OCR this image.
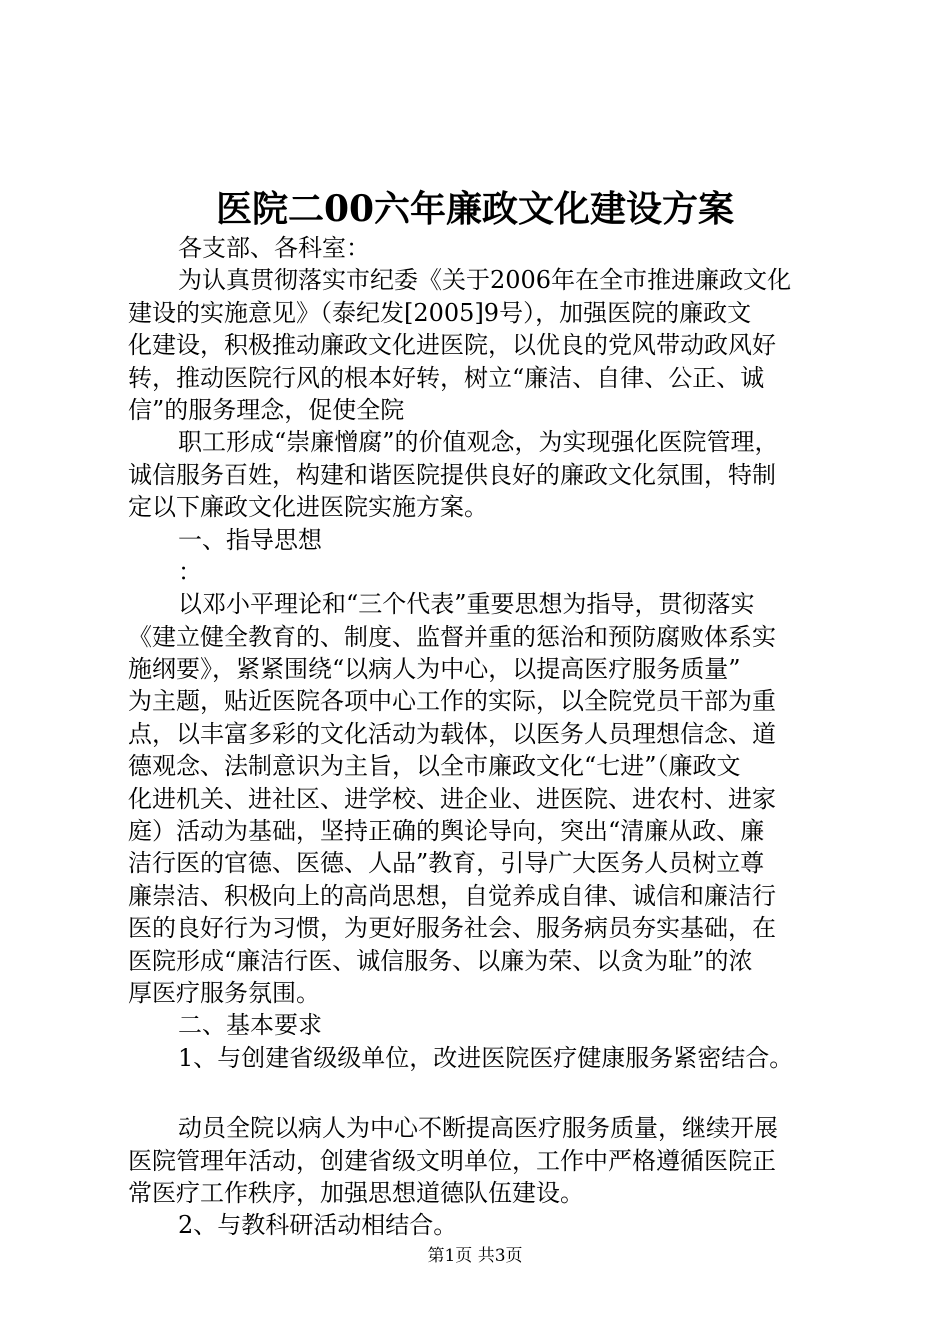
医院二00六年廉政文化建设方案
各支部、各科室：
为认真贯彻落实市纪委《关于2006年在全市推进廉政文化
建设的实施意见》（泰纪发[2005]9号），加强医院的廉政文
化建设，积极推动廉政文化进医院，以优良的党风带动政风好
转，推动医院行风的根本好转，树立“廉洁、自律、公正、诚
信”的服务理念，促使全院
职工形成“崇廉憎腐”的价值观念，为实现强化医院管理，
诚信服务百姓，构建和谐医院提供良好的廉政文化氛围，特制
定以下廉政文化进医院实施方案。
一、指导思想
：
以邓小平理论和“三个代表”重要思想为指导，贯彻落实
《建立健全教育的、制度、监督并重的惩治和预防腐败体系实
施纲要》，紧紧围绕“以病人为中心，以提高医疗服务质量”
为主题，贴近医院各项中心工作的实际，以全院党员干部为重
点，以丰富多彩的文化活动为载体，以医务人员理想信念、道
德观念、法制意识为主旨，以全市廉政文化“七进”（廉政文
化进机关、进社区、进学校、进企业、进医院、进农村、进家
庭）活动为基础，坚持正确的舆论导向，突出“清廉从政、廉
洁行医的官德、医德、人品”教育，引导广大医务人员树立尊
廉崇洁、积极向上的高尚思想，自觉养成自律、诚信和廉洁行
医的良好行为习惯，为更好服务社会、服务病员夯实基础，在
医院形成“廉洁行医、诚信服务、以廉为荣、以贪为耻”的浓
厚医疗服务氛围。
二、基本要求
1、与创建省级级单位，改进医院医疗健康服务紧密结合。
动员全院以病人为中心不断提高医疗服务质量，继续开展
医院管理年活动，创建省级文明单位，工作中严格遵循医院正
常医疗工作秩序，加强思想道德队伍建设。
2、与教科研活动相结合。
第1页 共3页
